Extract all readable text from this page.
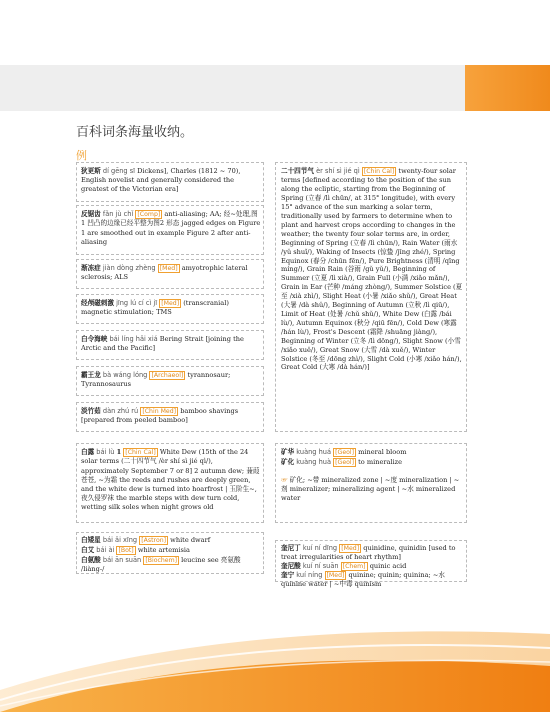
百科词条海量收纳。
例

狄更斯 dí gēng sī Dickens], Charles (1812 ~ 70), English novelist and generally considered the greatest of the Victorian era]

反锯齿 fǎn jù chǐ [Comp] anti-aliasing; AA; 经~处理,图1 凹凸的边缘已经平整为图2 形态 jagged edges on Figure 1 are smoothed out in example Figure 2 after anti-aliasing

渐冻症 jiàn dòng zhèng [Med] amyotrophic lateral sclerosis; ALS

经颅磁刺激 jīng lú cí cì jī [Med] (transcranial) magnetic stimulation; TMS

白令海峡 bái líng hǎi xiá Bering Strait [joining the Arctic and the Pacific]

霸王龙 bà wáng lóng [Archaeol] tyrannosaur; Tyrannosaurus

淡竹茹 dàn zhú rú [Chin Med] bamboo shavings [prepared from peeled bamboo]

白露 bái lù 1 [Chin Cal] White Dew (15th of the 24 solar terms (二十四节气 /èr shí sì jié qì/), approximately September 7 or 8] 2 autumn dew; 蒹葭苍苍, ~为霜 the reeds and rushes are deeply green, and the white dew is turned into hoarfrost | 玉阶生~, 夜久侵罗袜 the marble steps with dew turn cold, wetting silk soles when night grows old

白矮星 bái ǎi xīng [Astron] white dwarf

白艾 bái ài [Bot] white artemisia

白氨酸 bái ān suān [Biochem] leucine see 亮氨酸 /liàng-/

二十四节气 èr shí sì jié qì [Chin Cal] twenty-four solar terms [defined according to the position of the sun along the ecliptic, starting from the Beginning of Spring (立春 /lì chūn/, at 315° longitude), with every 15° advance of the sun marking a solar term, traditionally used by farmers to determine when to plant and harvest crops according to changes in the weather; the twenty four solar terms are, in order, Beginning of Spring (立春 /lì chūn/), Rain Water (雨水 /yǔ shuǐ/), Waking of Insects (惊蛰 /jīng zhé/), Spring Equinox (春分 /chūn fēn/), Pure Brightness (清明 /qīng míng/), Grain Rain (谷雨 /gǔ yǔ/), Beginning of Summer (立夏 /lì xià/), Grain Full (小满 /xiǎo mǎn/), Grain in Ear (芒种 /máng zhòng/), Summer Solstice (夏至 /xià zhì/), Slight Heat (小暑 /xiǎo shǔ/), Great Heat (大暑 /dà shǔ/), Beginning of Autumn (立秋 /lì qiū/), Limit of Heat (处暑 /chǔ shǔ/), White Dew (白露 /bái lù/), Autumn Equinox (秋分 /qiū fēn/), Cold Dew (寒露 /hán lù/), Frost's Descent (霜降 /shuāng jiàng/), Beginning of Winter (立冬 /lì dōng/), Slight Snow (小雪 /xiǎo xuě/), Great Snow (大雪 /dà xuě/), Winter Solstice (冬至 /dōng zhì/), Slight Cold (小寒 /xiǎo hán/), Great Cold (大寒 /dà hán/)]

矿华 kuàng huá [Geol] mineral bloom

矿化 kuàng huà [Geol] to mineralize

☞ 矿化; ~带 mineralized zone | ~度 mineralization | ~剂 mineralizer; mineralizing agent | ~水 mineralized water

奎尼丁 kuí ní dīng [Med] quinidine, quinidin [used to treat irregularities of heart rhythm]

奎尼酸 kuí ní suān [Chem] quinic acid

奎宁 kuí níng [Med] quinine; quinin; quinina; ~水 quinine water | ~中毒 quinism
